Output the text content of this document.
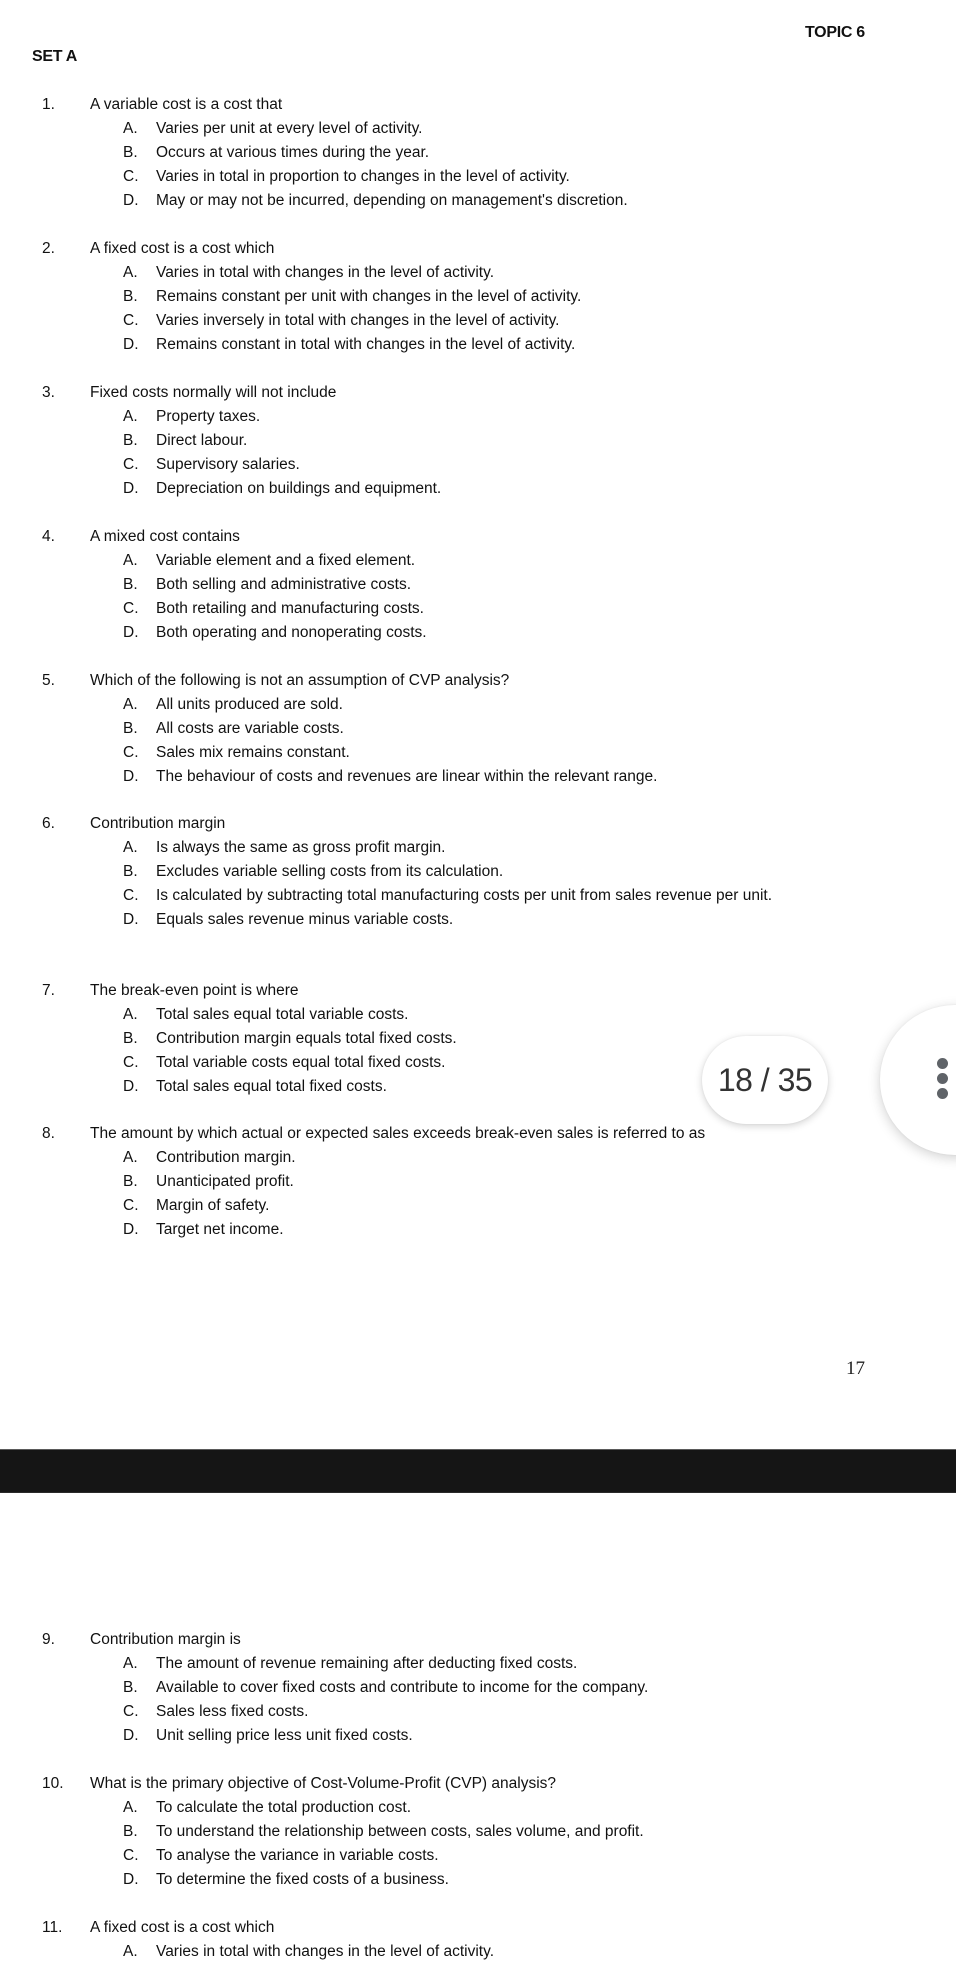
TOPIC 6
SET A
1. A variable cost is a cost that
A. Varies per unit at every level of activity.
B. Occurs at various times during the year.
C. Varies in total in proportion to changes in the level of activity.
D. May or may not be incurred, depending on management's discretion.
2. A fixed cost is a cost which
A. Varies in total with changes in the level of activity.
B. Remains constant per unit with changes in the level of activity.
C. Varies inversely in total with changes in the level of activity.
D. Remains constant in total with changes in the level of activity.
3. Fixed costs normally will not include
A. Property taxes.
B. Direct labour.
C. Supervisory salaries.
D. Depreciation on buildings and equipment.
4. A mixed cost contains
A. Variable element and a fixed element.
B. Both selling and administrative costs.
C. Both retailing and manufacturing costs.
D. Both operating and nonoperating costs.
5. Which of the following is not an assumption of CVP analysis?
A. All units produced are sold.
B. All costs are variable costs.
C. Sales mix remains constant.
D. The behaviour of costs and revenues are linear within the relevant range.
6. Contribution margin
A. Is always the same as gross profit margin.
B. Excludes variable selling costs from its calculation.
C. Is calculated by subtracting total manufacturing costs per unit from sales revenue per unit.
D. Equals sales revenue minus variable costs.
7. The break-even point is where
A. Total sales equal total variable costs.
B. Contribution margin equals total fixed costs.
C. Total variable costs equal total fixed costs.
D. Total sales equal total fixed costs.
8. The amount by which actual or expected sales exceeds break-even sales is referred to as
A. Contribution margin.
B. Unanticipated profit.
C. Margin of safety.
D. Target net income.
17
9. Contribution margin is
A. The amount of revenue remaining after deducting fixed costs.
B. Available to cover fixed costs and contribute to income for the company.
C. Sales less fixed costs.
D. Unit selling price less unit fixed costs.
10. What is the primary objective of Cost-Volume-Profit (CVP) analysis?
A. To calculate the total production cost.
B. To understand the relationship between costs, sales volume, and profit.
C. To analyse the variance in variable costs.
D. To determine the fixed costs of a business.
11. A fixed cost is a cost which
A. Varies in total with changes in the level of activity.
18 / 35
